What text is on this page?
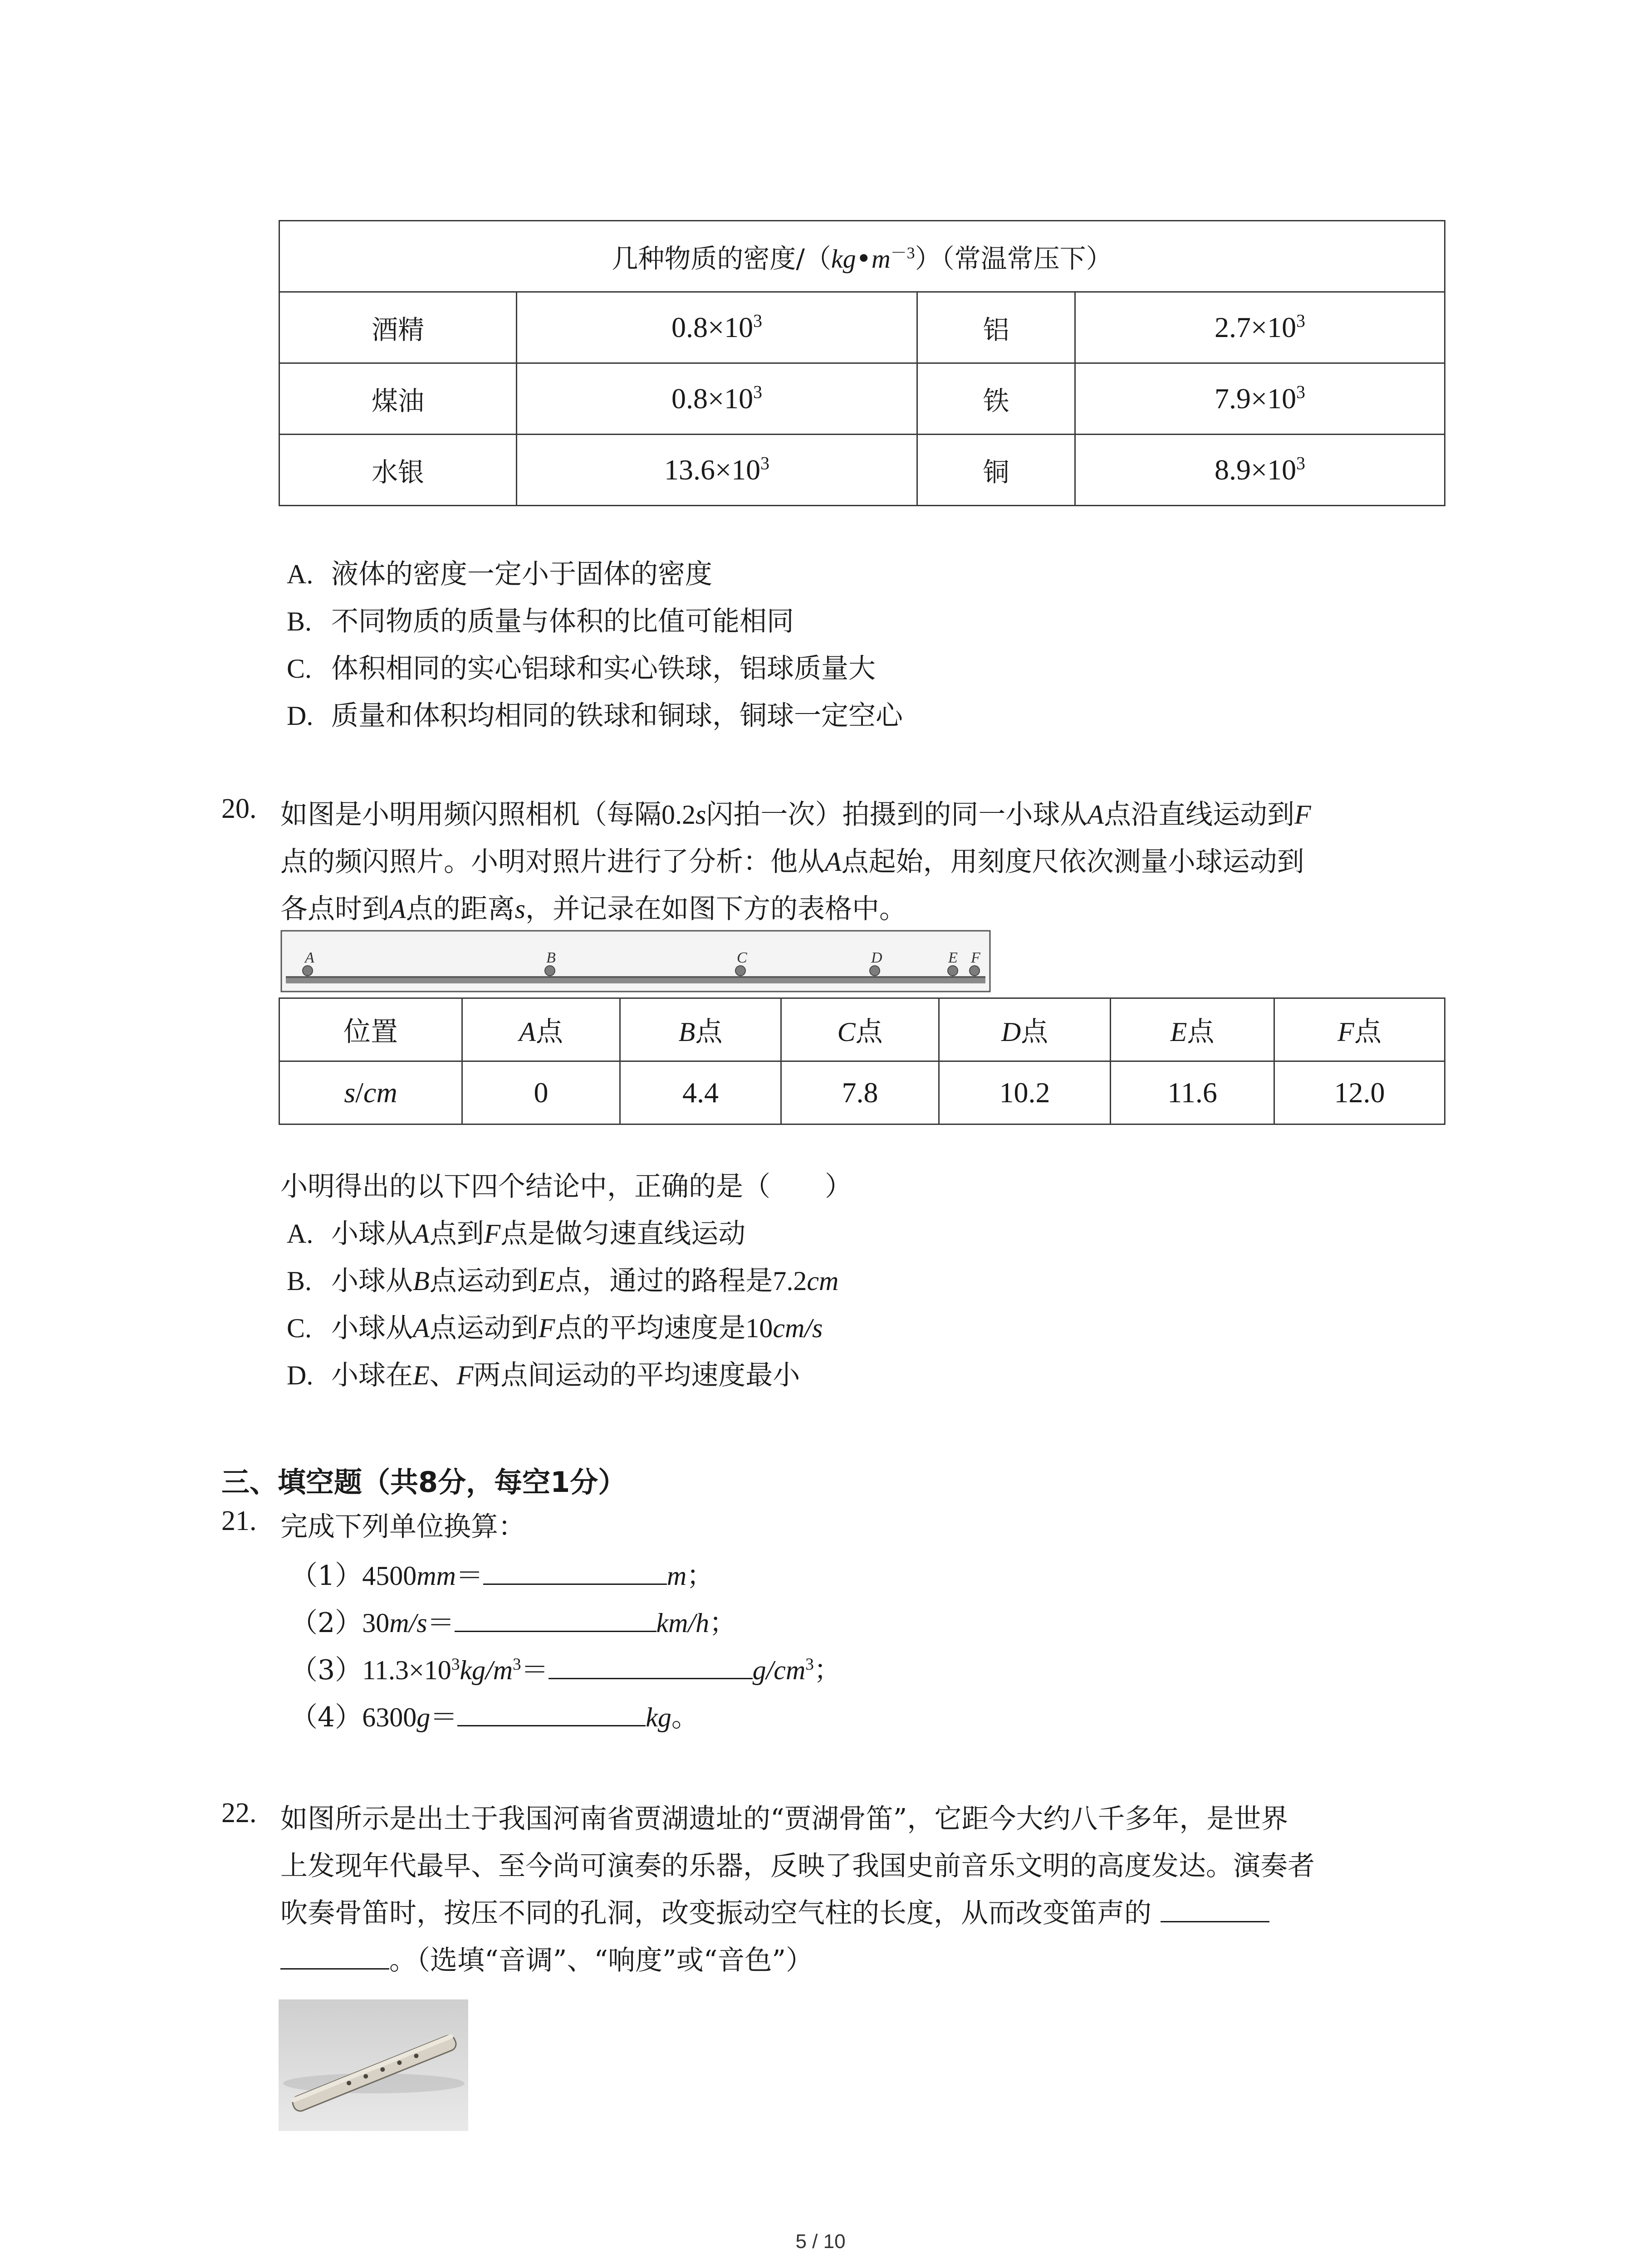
几种物质的密度$/(kg•m^{-3})$（常温常压下）			
酒精	$0.8\times 10^3$	铝	$2.7\times 10^3$
煤油	$0.8\times 10^3$	铁	$7.9\times 10^3$
水银	$13.6\times 10^3$	铜	$8.9\times 10^3$
A. 液体的密度一定小于固体的密度
B. 不同物质的质量与体积的比值可能相同
C. 体积相同的实心铝球和实心铁球，铝球质量大
D. 质量和体积均相同的铁球和铜球，铜球一定空心
20. 如图是小明用频闪照相机（每隔0.2s闪拍一次）拍摄到的同一小球从A点沿直线运动到F
点的频闪照片。小明对照片进行了分析：他从A点起始，用刻度尺依次测量小球运动到
各点时到A点的距离s，并记录在如图下方的表格中。
A	B	C	D	E F
位置	A点	B点	C点	D点	E点	F点
s/cm	0	4.4	7.8	10.2	11.6	12.0
小明得出的以下四个结论中，正确的是（　　）
A. 小球从A点到F点是做匀速直线运动
B. 小球从B点运动到E点，通过的路程是7.2cm
C. 小球从A点运动到F点的平均速度是10cm/s
D. 小球在E、F两点间运动的平均速度最小
三、填空题（共8分，每空1分）
21. 完成下列单位换算：
（1）4500mm＝	m；
（2）30m/s＝	km/h；
$(3)11.3\times 10^3kg/m^3=$	$g/cm^3$；
（4）6300g＝	kg。
22. 如图所示是出土于我国河南省贾湖遗址的“贾湖骨笛”，它距今大约八千多年，是世界
上发现年代最早、至今尚可演奏的乐器，反映了我国史前音乐文明的高度发达。演奏者
吹奏骨笛时，按压不同的孔洞，改变振动空气柱的长度，从而改变笛声的
。（选填“音调”、“响度”或“音色”）
5 / 10
